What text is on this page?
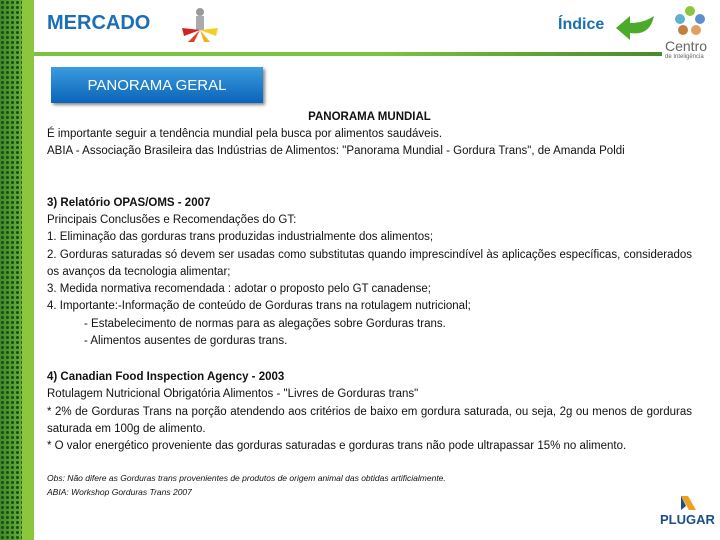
MERCADO	Índice
Centro
de Inteligência
PANORAMA GERAL
PANORAMA MUNDIAL
É importante seguir a tendência mundial pela busca por alimentos saudáveis.
ABIA - Associação Brasileira das Indústrias de Alimentos: "Panorama Mundial - Gordura Trans", de Amanda Poldi
3) Relatório OPAS/OMS - 2007
Principais Conclusões e Recomendações do GT:
1. Eliminação das gorduras trans produzidas industrialmente dos alimentos;
2. Gorduras saturadas só devem ser usadas como substitutas quando imprescindível às aplicações específicas, considerados os avanços da tecnologia alimentar;
3. Medida normativa recomendada : adotar o proposto pelo GT canadense;
4. Importante:-Informação de conteúdo de Gorduras trans na rotulagem nutricional;
- Estabelecimento de normas para as alegações sobre Gorduras trans.
- Alimentos ausentes de gorduras trans.
4) Canadian Food Inspection Agency - 2003
Rotulagem Nutricional Obrigatória Alimentos - "Livres de Gorduras trans"
* 2% de Gorduras Trans na porção atendendo aos critérios de baixo em gordura saturada, ou seja, 2g ou menos de gorduras saturada em 100g de alimento.
* O valor energético proveniente das gorduras saturadas e gorduras trans não pode ultrapassar 15% no alimento.
Obs: Não difere as Gorduras trans provenientes de produtos de origem animal das obtidas artificialmente.
ABIA: Workshop Gorduras Trans 2007
PLUGAR
